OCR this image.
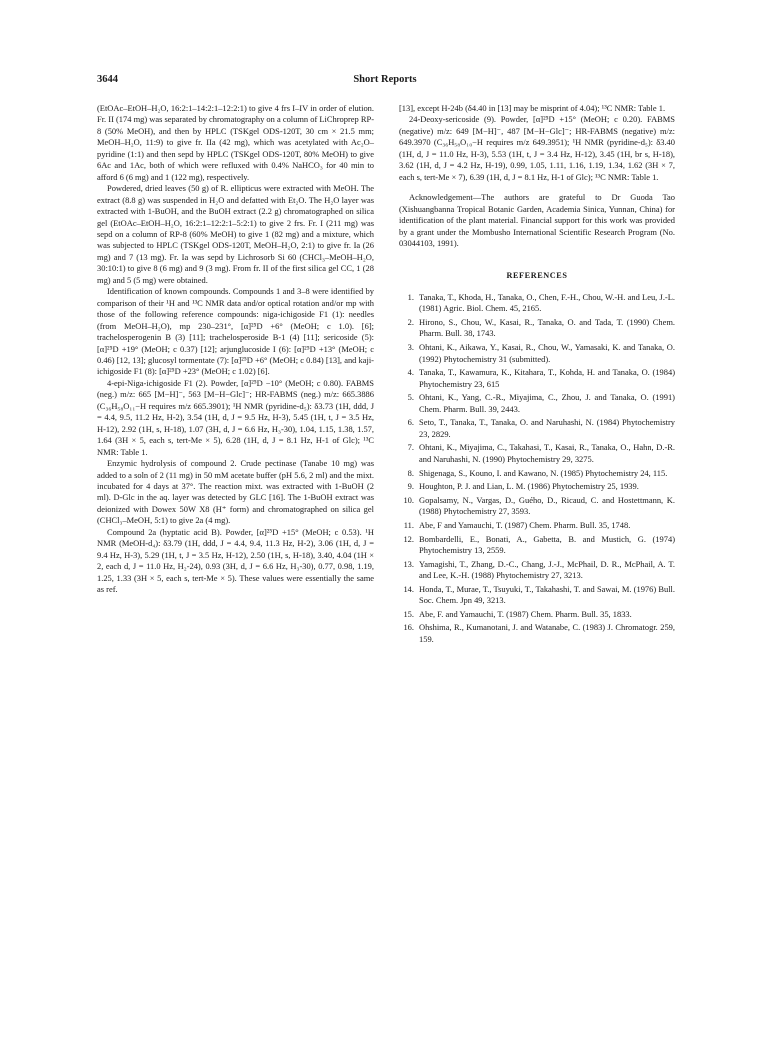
3644	Short Reports

(EtOAc–EtOH–H₂O, 16:2:1–14:2:1–12:2:1) to give 4 frs I–IV in order of elution. Fr. II (174 mg) was separated by chromatography on a column of LiChroprep RP-8 (50% MeOH), and then by HPLC (TSKgel ODS-120T, 30 cm × 21.5 mm; MeOH–H₂O, 11:9) to give fr. IIa (42 mg), which was acetylated with Ac₂O–pyridine (1:1) and then sepd by HPLC (TSKgel ODS-120T, 80% MeOH) to give 6Ac and 1Ac, both of which were refluxed with 0.4% NaHCO₃ for 40 min to afford 6 (6 mg) and 1 (122 mg), respectively.

Powdered, dried leaves (50 g) of R. ellipticus were extracted with MeOH. The extract (8.8 g) was suspended in H₂O and defatted with Et₂O. The H₂O layer was extracted with 1-BuOH, and the BuOH extract (2.2 g) chromatographed on silica gel (EtOAc–EtOH–H₂O, 16:2:1–12:2:1–5:2:1) to give 2 frs. Fr. I (211 mg) was sepd on a column of RP-8 (60% MeOH) to give 1 (82 mg) and a mixture, which was subjected to HPLC (TSKgel ODS-120T, MeOH–H₂O, 2:1) to give fr. Ia (26 mg) and 7 (13 mg). Fr. Ia was sepd by Lichrosorb Si 60 (CHCl₃–MeOH–H₂O, 30:10:1) to give 8 (6 mg) and 9 (3 mg). From fr. II of the first silica gel CC, 1 (28 mg) and 5 (5 mg) were obtained.

Identification of known compounds. Compounds 1 and 3–8 were identified by comparison of their ¹H and ¹³C NMR data and/or optical rotation and/or mp with those of the following reference compounds: niga-ichigoside F1 (1): needles (from MeOH–H₂O), mp 230–231°, [α]²⁵D +6° (MeOH; c 1.0). [6]; trachelosperogenin B (3) [11]; trachelosperoside B-1 (4) [11]; sericoside (5): [α]²⁵D +19° (MeOH; c 0.37) [12]; arjunglucoside I (6): [α]²⁵D +13° (MeOH; c 0.46) [12, 13]; glucosyl tormentate (7): [α]²⁵D +6° (MeOH; c 0.84) [13], and kaji-ichigoside F1 (8): [α]²⁵D +23° (MeOH; c 1.02) [6].

4-epi-Niga-ichigoside F1 (2). Powder, [α]²⁵D −10° (MeOH; c 0.80). FABMS (neg.) m/z: 665 [M−H]⁻, 563 [M−H−Glc]⁻; HR-FABMS (neg.) m/z: 665.3886 (C₃₆H₅₈O₁₁−H requires m/z 665.3901); ¹H NMR (pyridine-d₅): δ3.73 (1H, ddd, J = 4.4, 9.5, 11.2 Hz, H-2), 3.54 (1H, d, J = 9.5 Hz, H-3), 5.45 (1H, t, J = 3.5 Hz, H-12), 2.92 (1H, s, H-18), 1.07 (3H, d, J = 6.6 Hz, H₃-30), 1.04, 1.15, 1.38, 1.57, 1.64 (3H × 5, each s, tert-Me × 5), 6.28 (1H, d, J = 8.1 Hz, H-1 of Glc); ¹³C NMR: Table 1.

Enzymic hydrolysis of compound 2. Crude pectinase (Tanabe 10 mg) was added to a soln of 2 (11 mg) in 50 mM acetate buffer (pH 5.6, 2 ml) and the mixt. incubated for 4 days at 37°. The reaction mixt. was extracted with 1-BuOH (2 ml). D-Glc in the aq. layer was detected by GLC [16]. The 1-BuOH extract was deionized with Dowex 50W X8 (H⁺ form) and chromatographed on silica gel (CHCl₃–MeOH, 5:1) to give 2a (4 mg).

Compound 2a (hyptatic acid B). Powder, [α]²⁵D +15° (MeOH; c 0.53). ¹H NMR (MeOH-d₄): δ3.79 (1H, ddd, J = 4.4, 9.4, 11.3 Hz, H-2), 3.06 (1H, d, J = 9.4 Hz, H-3), 5.29 (1H, t, J = 3.5 Hz, H-12), 2.50 (1H, s, H-18), 3.40, 4.04 (1H × 2, each d, J = 11.0 Hz, H₂-24), 0.93 (3H, d, J = 6.6 Hz, H₃-30), 0.77, 0.98, 1.19, 1.25, 1.33 (3H × 5, each s, tert-Me × 5). These values were essentially the same as ref.

[13], except H-24b (δ4.40 in [13] may be misprint of 4.04); ¹³C NMR: Table 1.

24-Deoxy-sericoside (9). Powder, [α]²⁵D +15° (MeOH; c 0.20). FABMS (negative) m/z: 649 [M−H]⁻, 487 [M−H−Glc]⁻; HR-FABMS (negative) m/z: 649.3970 (C₃₆H₅₈O₁₀−H requires m/z 649.3951); ¹H NMR (pyridine-d₅): δ3.40 (1H, d, J = 11.0 Hz, H-3), 5.53 (1H, t, J = 3.4 Hz, H-12), 3.45 (1H, br s, H-18), 3.62 (1H, d, J = 4.2 Hz, H-19), 0.99, 1.05, 1.11, 1.16, 1.19, 1.34, 1.62 (3H × 7, each s, tert-Me × 7), 6.39 (1H, d, J = 8.1 Hz, H-1 of Glc); ¹³C NMR: Table 1.

Acknowledgement—The authors are grateful to Dr Guoda Tao (Xishuangbanna Tropical Botanic Garden, Academia Sinica, Yunnan, China) for identification of the plant material. Financial support for this work was provided by a grant under the Mombusho International Scientific Research Program (No. 03044103, 1991).

REFERENCES
1. Tanaka, T., Khoda, H., Tanaka, O., Chen, F.-H., Chou, W.-H. and Leu, J.-L. (1981) Agric. Biol. Chem. 45, 2165.
2. Hirono, S., Chou, W., Kasai, R., Tanaka, O. and Tada, T. (1990) Chem. Pharm. Bull. 38, 1743.
3. Ohtani, K., Aikawa, Y., Kasai, R., Chou, W., Yamasaki, K. and Tanaka, O. (1992) Phytochemistry 31 (submitted).
4. Tanaka, T., Kawamura, K., Kitahara, T., Kohda, H. and Tanaka, O. (1984) Phytochemistry 23, 615
5. Ohtani, K., Yang, C.-R., Miyajima, C., Zhou, J. and Tanaka, O. (1991) Chem. Pharm. Bull. 39, 2443.
6. Seto, T., Tanaka, T., Tanaka, O. and Naruhashi, N. (1984) Phytochemistry 23, 2829.
7. Ohtani, K., Miyajima, C., Takahasi, T., Kasai, R., Tanaka, O., Hahn, D.-R. and Naruhashi, N. (1990) Phytochemistry 29, 3275.
8. Shigenaga, S., Kouno, I. and Kawano, N. (1985) Phytochemistry 24, 115.
9. Houghton, P. J. and Lian, L. M. (1986) Phytochemistry 25, 1939.
10. Gopalsamy, N., Vargas, D., Guého, D., Ricaud, C. and Hostettmann, K. (1988) Phytochemistry 27, 3593.
11. Abe, F and Yamauchi, T. (1987) Chem. Pharm. Bull. 35, 1748.
12. Bombardelli, E., Bonati, A., Gabetta, B. and Mustich, G. (1974) Phytochemistry 13, 2559.
13. Yamagishi, T., Zhang, D.-C., Chang, J.-J., McPhail, D. R., McPhail, A. T. and Lee, K.-H. (1988) Phytochemistry 27, 3213.
14. Honda, T., Murae, T., Tsuyuki, T., Takahashi, T. and Sawai, M. (1976) Bull. Soc. Chem. Jpn 49, 3213.
15. Abe, F. and Yamauchi, T. (1987) Chem. Pharm. Bull. 35, 1833.
16. Ohshima, R., Kumanotani, J. and Watanabe, C. (1983) J. Chromatogr. 259, 159.
